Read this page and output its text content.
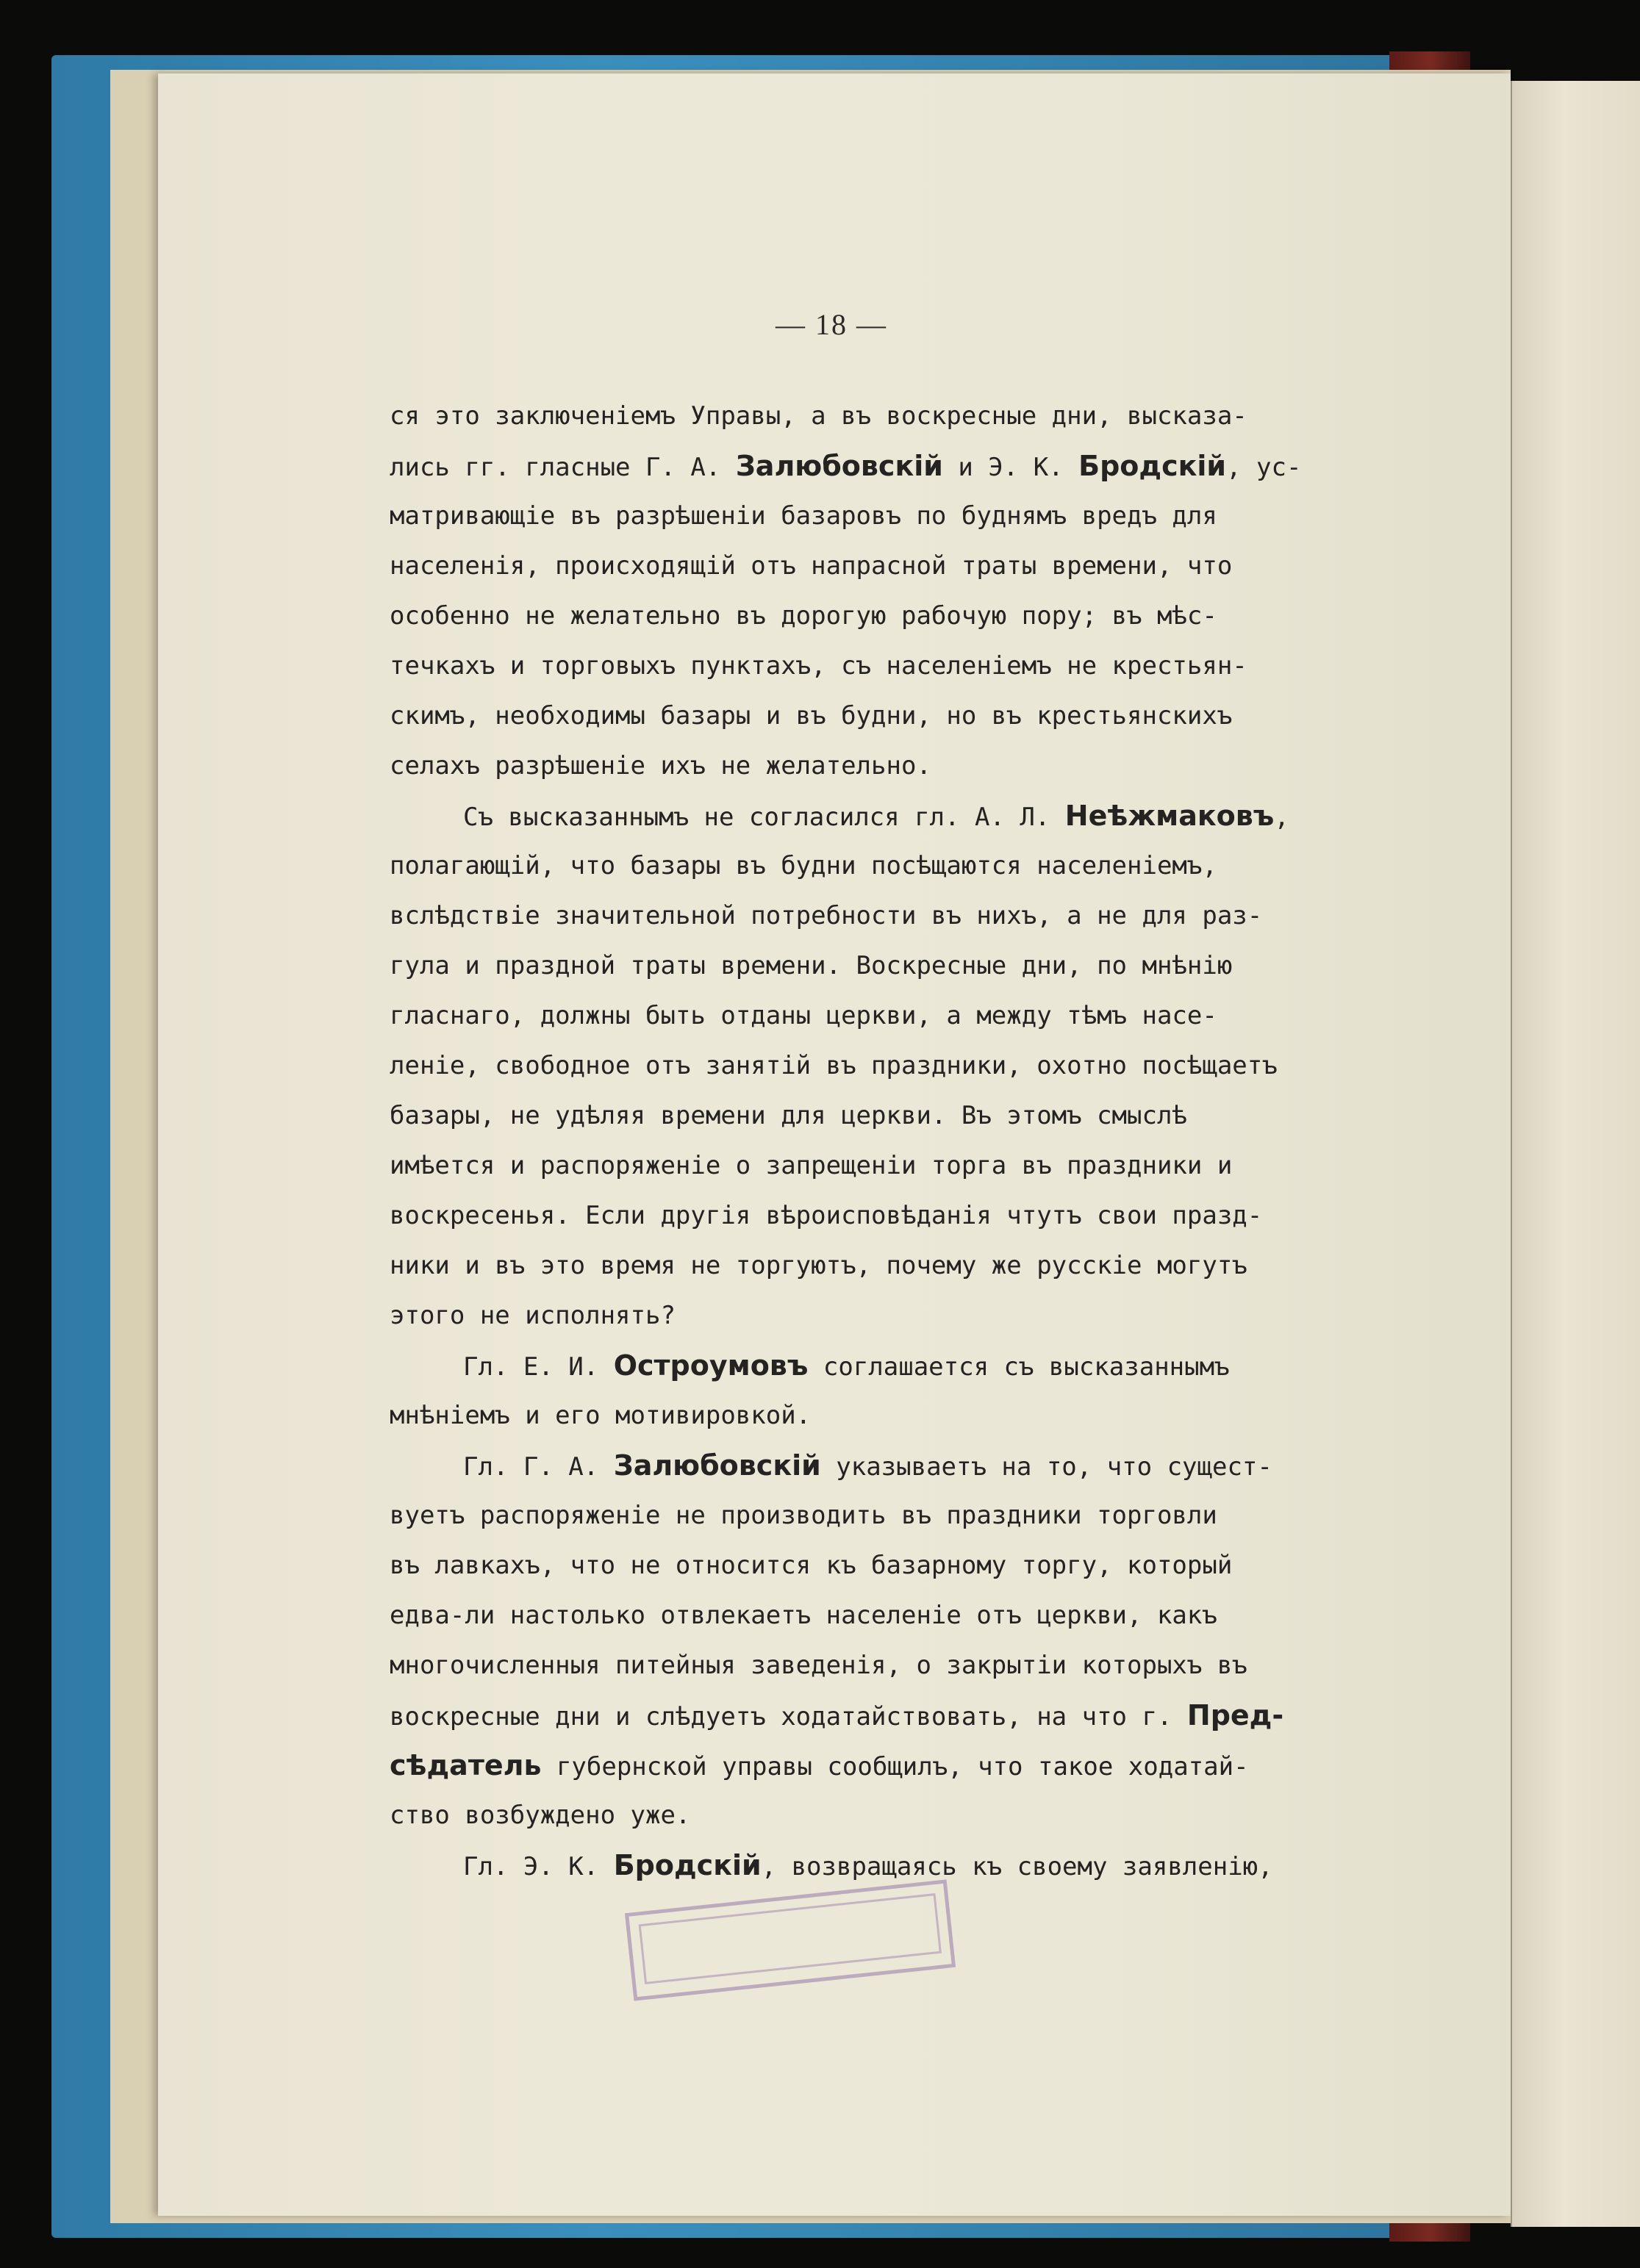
— 18 —
ся это заключеніемъ Управы, а въ воскресные дни, высказа-
лись гг. гласные Г. А. Залюбовскій и Э. К. Бродскій, ус-
матривающіе въ разрѣшеніи базаровъ по буднямъ вредъ для
населенія, происходящій отъ напрасной траты времени, что
особенно не желательно въ дорогую рабочую пору; въ мѣс-
течкахъ и торговыхъ пунктахъ, съ населеніемъ не крестьян-
скимъ, необходимы базары и въ будни, но въ крестьянскихъ
селахъ разрѣшеніе ихъ не желательно.
Съ высказаннымъ не согласился гл. А. Л. Неѣжмаковъ,
полагающій, что базары въ будни посѣщаются населеніемъ,
вслѣдствіе значительной потребности въ нихъ, а не для раз-
гула и праздной траты времени. Воскресные дни, по мнѣнію
гласнаго, должны быть отданы церкви, а между тѣмъ насе-
леніе, свободное отъ занятій въ праздники, охотно посѣщаетъ
базары, не удѣляя времени для церкви. Въ этомъ смыслѣ
имѣется и распоряженіе о запрещеніи торга въ праздники и
воскресенья. Если другія вѣроисповѣданія чтутъ свои празд-
ники и въ это время не торгуютъ, почему же русскіе могутъ
этого не исполнять?
Гл. Е. И. Остроумовъ соглашается съ высказаннымъ
мнѣніемъ и его мотивировкой.
Гл. Г. А. Залюбовскій указываетъ на то, что сущест-
вуетъ распоряженіе не производить въ праздники торговли
въ лавкахъ, что не относится къ базарному торгу, который
едва-ли настолько отвлекаетъ населеніе отъ церкви, какъ
многочисленныя питейныя заведенія, о закрытіи которыхъ въ
воскресные дни и слѣдуетъ ходатайствовать, на что г. Пред-
сѣдатель губернской управы сообщилъ, что такое ходатай-
ство возбуждено уже.
Гл. Э. К. Бродскій, возвращаясь къ своему заявленію,
